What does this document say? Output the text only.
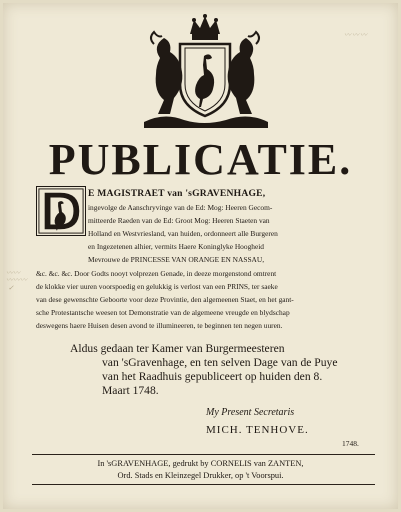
〰〰〰
〰〰
〰〰〰
✓
PUBLICATIE.
E MAGISTRAET van 'sGRAVENHAGE,
ingevolge de Aanschryvinge van de Ed: Mog: Heeren Gecom-
mitteerde Raeden van de Ed: Groot Mog: Heeren Staeten van
Holland en Westvriesland, van huiden, ordonneert alle Burgeren
en Ingezetenen alhier, vermits Haere Koninglyke Hoogheid
Mevrouwe de PRINCESSE VAN ORANGE EN NASSAU,
&c. &c. &c. Door Godts nooyt volprezen Genade, in deeze morgenstond omtrent
de klokke vier uuren voorspoedig en gelukkig is verlost van een PRINS, ter saeke
van dese gewenschte Geboorte voor deze Provintie, den algemeenen Staet, en het gant-
sche Protestantsche weesen tot Demonstratie van de algemeene vreugde en blydschap
deswegens haere Huisen desen avond te illumineeren, te beginnen ten negen uuren.
Aldus gedaan ter Kamer van Burgermeesteren
van 'sGravenhage, en ten selven Dage van de Puye
van het Raadhuis gepubliceert op huiden den 8.
Maart 1748.
My Present Secretaris
MICH. TENHOVE.
1748.
In 'sGRAVENHAGE, gedrukt by CORNELIS van ZANTEN,
Ord. Stads en Kleinzegel Drukker, op 't Voorspui.
